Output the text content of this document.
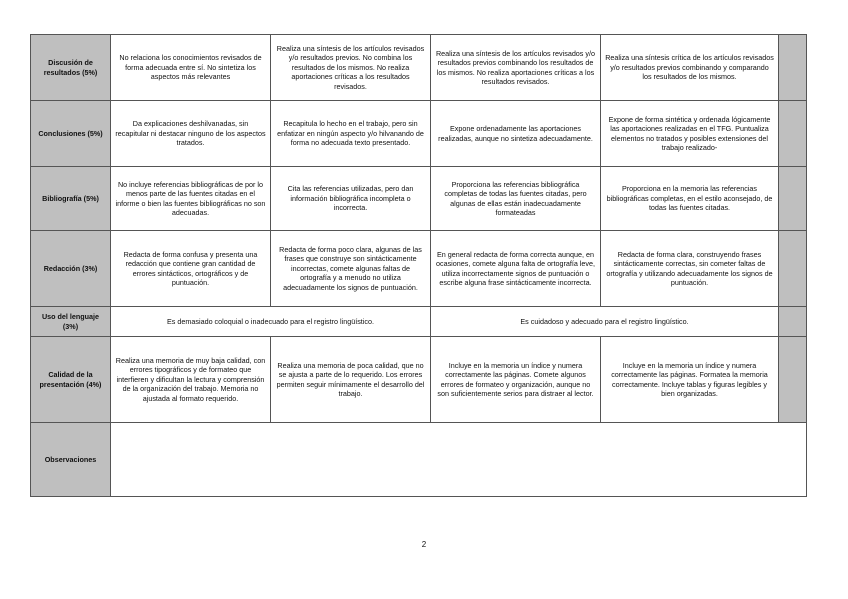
Discusión de resultados (5%)	No relaciona los conocimientos revisados de forma adecuada entre sí. No sintetiza los aspectos más relevantes	Realiza una síntesis de los artículos revisados y/o resultados previos. No combina los resultados de los mismos. No realiza aportaciones críticas a los resultados revisados.	Realiza una síntesis de los artículos revisados y/o resultados previos combinando los resultados de los mismos. No realiza aportaciones críticas a los resultados revisados.	Realiza una síntesis crítica de los artículos revisados y/o resultados previos combinando y comparando los resultados de los mismos.	
Conclusiones (5%)	Da explicaciones deshilvanadas, sin recapitular ni destacar ninguno de los aspectos tratados.	Recapitula lo hecho en el trabajo, pero sin enfatizar en ningún aspecto y/o hilvanando de forma no adecuada texto presentado.	Expone ordenadamente las aportaciones realizadas, aunque no sintetiza adecuadamente.	Expone de forma sintética y ordenada lógicamente las aportaciones realizadas en el TFG. Puntualiza elementos no tratados y posibles extensiones del trabajo realizado-	
Bibliografía (5%)	No incluye referencias bibliográficas de por lo menos parte de las fuentes citadas en el informe o bien las fuentes bibliográficas no son adecuadas.	Cita las referencias utilizadas, pero dan información bibliográfica incompleta o incorrecta.	Proporciona las referencias bibliográfica completas de todas las fuentes citadas, pero algunas de ellas están inadecuadamente formateadas	Proporciona en la memoria las referencias bibliográficas completas, en el estilo aconsejado, de todas las fuentes citadas.	
Redacción (3%)	Redacta de forma confusa y presenta una redacción que contiene gran cantidad de errores sintácticos, ortográficos y de puntuación.	Redacta de forma poco clara, algunas de las frases que construye son sintácticamente incorrectas, comete algunas faltas de ortografía y a menudo no utiliza adecuadamente los signos de puntuación.	En general redacta de forma correcta aunque, en ocasiones, comete alguna falta de ortografía leve, utiliza incorrectamente signos de puntuación o escribe alguna frase sintácticamente incorrecta.	Redacta de forma clara, construyendo frases sintácticamente correctas, sin cometer faltas de ortografía y utilizando adecuadamente los signos de puntuación.	
Uso del lenguaje (3%)	Es demasiado coloquial o inadecuado para el registro lingüístico.		Es cuidadoso y adecuado para el registro lingüístico.		
Calidad de la presentación (4%)	Realiza una memoria de muy baja calidad, con errores tipográficos y de formateo que interfieren y dificultan la lectura y comprensión de la organización del trabajo. Memoria no ajustada al formato requerido.	Realiza una memoria de poca calidad, que no se ajusta a parte de lo requerido. Los errores permiten seguir mínimamente el desarrollo del trabajo.	Incluye en la memoria un índice y numera correctamente las páginas. Comete algunos errores de formateo y organización, aunque no son suficientemente serios para distraer al lector.	Incluye en la memoria un índice y numera correctamente las páginas. Formatea la memoria correctamente. Incluye tablas y figuras legibles y bien organizadas.	
Observaciones					
2
